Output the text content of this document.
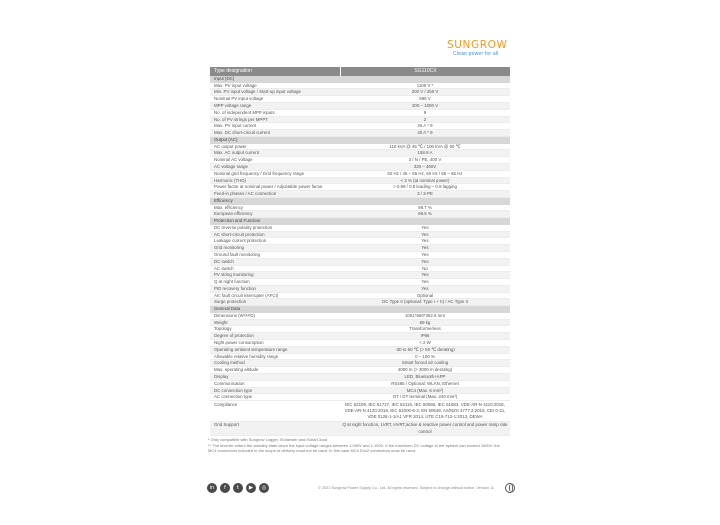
SUNGROW
Clean power for all
Type designation	SG110CX
Input (DC)
Max. PV input voltage	1100 V *
Min. PV input voltage / Start-up input voltage	200 V / 250 V
Nominal PV input voltage	585 V
MPP voltage range	200 – 1000 V
No. of independent MPP inputs	9
No. of PV strings per MPPT	2
Max. PV input current	26 A * 9
Max. DC short-circuit current	40 A * 9
Output (AC)
AC output power	110 kVA @ 45 ℃ / 100 kVA @ 50 ℃
Max. AC output current	158.8 A
Nominal AC voltage	3 / N / PE, 400 V
AC voltage range	320 – 460V
Nominal grid frequency / Grid frequency range	50 Hz / 45 – 55 Hz, 60 Hz / 55 – 65 Hz
Harmonic (THD)	< 3 % (at nominal power)
Power factor at nominal power / Adjustable power factor	> 0.99 / 0.8 leading – 0.8 lagging
Feed-in phases / AC connection	3 / 3-PE
Efficiency
Max. efficiency	98.7 %
European efficiency	98.5 %
Protection and Function
DC reverse polarity protection	Yes
AC short-circuit protection	Yes
Leakage current protection	Yes
Grid monitoring	Yes
Ground fault monitoring	Yes
DC switch	Yes
AC switch	No
PV string monitoring	Yes
Q at night function	Yes
PID recovery function	Yes
Arc fault circuit interrupter (AFCI)	Optional
Surge protection	DC Type II (optional: Type I + II) / AC Type II
General Data
Dimensions (W*H*D)	1051*660*362.5 mm
Weight	89 kg
Topology	Transformerless
Degree of protection	IP66
Night power consumption	< 2 W
Operating ambient temperature range	-30 to 60 ℃ (> 50 ℃ derating)
Allowable relative humidity range	0 – 100 %
Cooling method	Smart forced air cooling
Max. operating altitude	4000 m (> 3000 m derating)
Display	LED, Bluetooth+APP
Communication	RS485 / Optional: WLAN, Ethernet
DC connection type	MC4 (Max. 6 mm²)
AC connection type	OT / DT terminal (Max. 240 mm²)
Compliance	IEC 62109, IEC 61727, IEC 62116, IEC 60068, IEC 61683, VDE-AR-N 4110:2018, VDE-AR-N 4120:2018, IEC 61000-6-3, EN 50549, AS/NZS 4777.2:2015, CEI 0-21, VDE 0126-1-1/A1 VFR 2014, UTE C15-712-1:2013, DEWA
Grid Support	Q at night function, LVRT, HVRT,active & reactive power control and power ramp rate control
* Only compatible with Sungrow Logger, iSolarweb and iSolarCloud
** The inverter enters the standby state when the input voltage ranges between 1,000V and 1,100V. If the maximum DC voltage in the system can exceed 1000V, the MC4 connectors included in the scope of delivery must not be used. In this case MC4 Evo2 connectors must be used.
in	f	t	▶	◎	© 2021 Sungrow Power Supply Co., Ltd. All rights reserved. Subject to change without notice. Version 11
